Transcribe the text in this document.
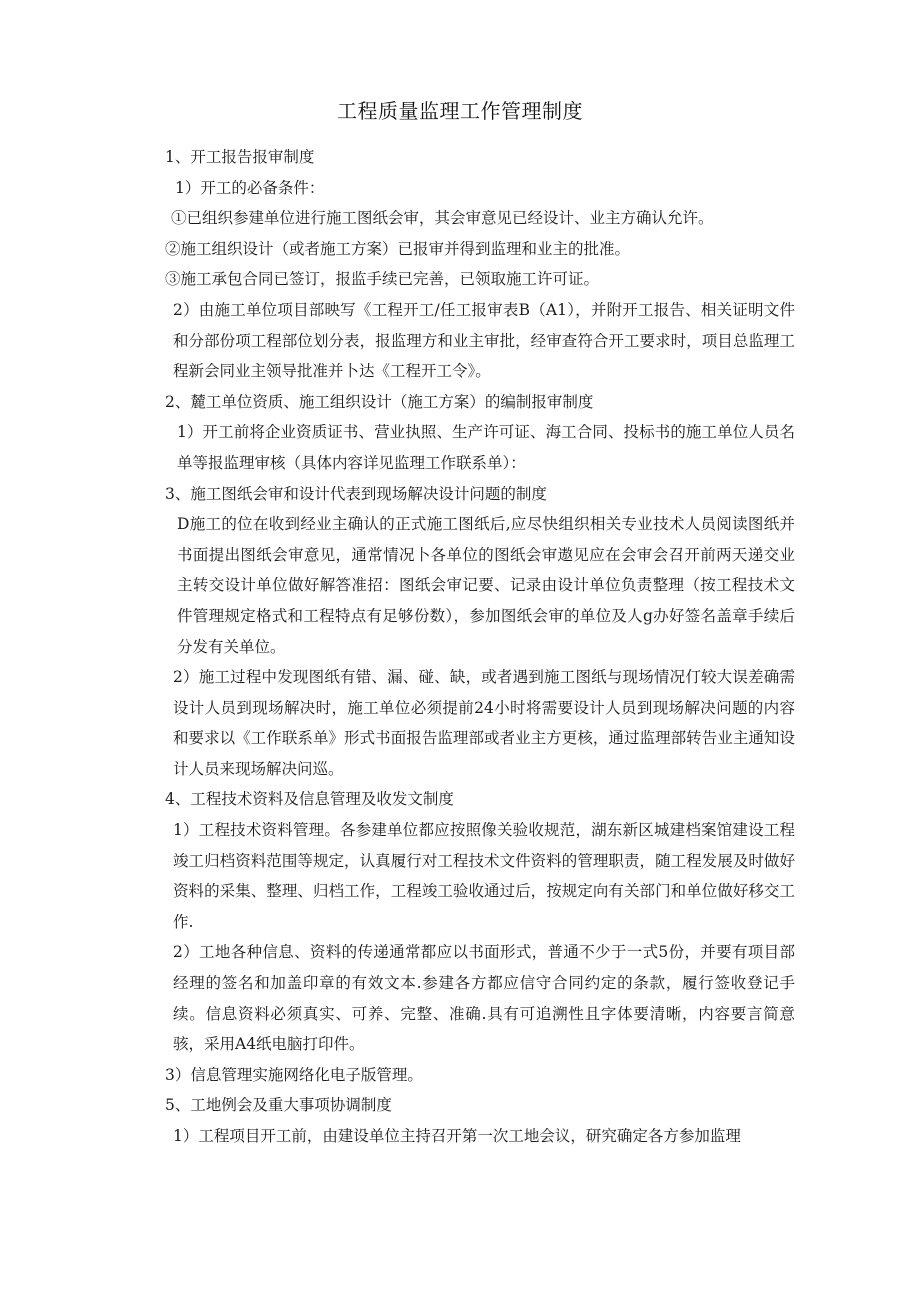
工程质量监理工作管理制度

1、开工报告报审制度

1）开工的必备条件：

①已组织参建单位进行施工图纸会审，其会审意见已经设计、业主方确认允许。

②施工组织设计（或者施工方案）已报审并得到监理和业主的批准。

③施工承包合同已签订，报监手续已完善，已领取施工许可证。

2）由施工单位项目部映写《工程开工/任工报审表B（A1），并附开工报告、相关证明文件和分部份项工程部位划分表，报监理方和业主审批，经审查符合开工要求时，项目总监理工程新会同业主领导批准并卜达《工程开工令》。

2、麓工单位资质、施工组织设计（施工方案）的编制报审制度

1）开工前将企业资质证书、营业执照、生产许可证、海工合同、投标书的施工单位人员名单等报监理审核（具体内容详见监理工作联系单）：

3、施工图纸会审和设计代表到现场解决设计问题的制度

D施工的位在收到经业主确认的正式施工图纸后,应尽快组织相关专业技术人员阅读图纸并书面提出图纸会审意见，通常情况卜各单位的图纸会审遨见应在会审会召开前两天递交业主转交设计单位做好解答准招：图纸会审记要、记录由设计单位负责整理（按工程技术文件管理规定格式和工程特点有足够份数），参加图纸会审的单位及人g办好签名盖章手续后分发有关单位。

2）施工过程中发现图纸有错、漏、碰、缺，或者遇到施工图纸与现场情况仃较大误差确需设计人员到现场解决时，施工单位必须提前24小时将需要设计人员到现场解决问题的内容和要求以《工作联系单》形式书面报告监理部或者业主方更核，通过监理部转告业主通知设计人员来现场解决问巡。

4、工程技术资料及信息管理及收发文制度

1）工程技术资料管理。各参建单位都应按照像关验收规范，湖东新区城建档案馆建设工程竣工归档资料范围等规定，认真履行对工程技术文件资料的管理职责，随工程发展及时做好资料的采集、整理、归档工作，工程竣工验收通过后，按规定向有关部门和单位做好移交工作.

2）工地各种信息、资料的传递通常都应以书面形式，普通不少于一式5份，并要有项目部经理的签名和加盖印章的有效文本.参建各方都应信守合同约定的条款，履行签收登记手续。信息资料必须真实、可养、完整、准确.具有可追溯性且字体要清晰，内容要言简意骇，采用A4纸电脑打印件。

3）信息管理实施网络化电子版管理。

5、工地例会及重大事项协调制度

1）工程项目开工前，由建设单位主持召开第一次工地会议，研究确定各方参加监理
